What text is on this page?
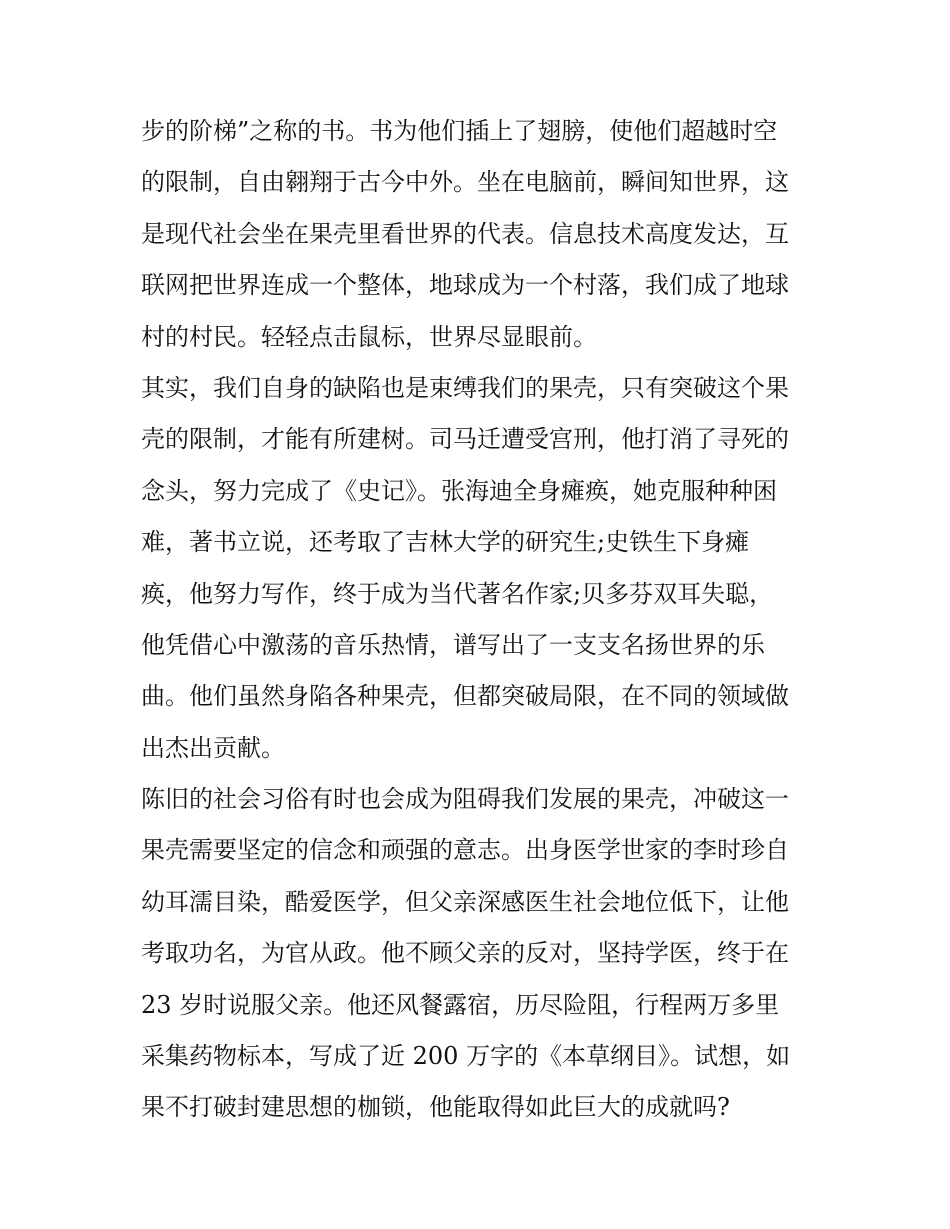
步的阶梯”之称的书。书为他们插上了翅膀，使他们超越时空
的限制，自由翱翔于古今中外。坐在电脑前，瞬间知世界，这
是现代社会坐在果壳里看世界的代表。信息技术高度发达，互
联网把世界连成一个整体，地球成为一个村落，我们成了地球
村的村民。轻轻点击鼠标，世界尽显眼前。
其实，我们自身的缺陷也是束缚我们的果壳，只有突破这个果
壳的限制，才能有所建树。司马迁遭受宫刑，他打消了寻死的
念头，努力完成了《史记》。张海迪全身瘫痪，她克服种种困
难，著书立说，还考取了吉林大学的研究生;史铁生下身瘫
痪，他努力写作，终于成为当代著名作家;贝多芬双耳失聪，
他凭借心中激荡的音乐热情，谱写出了一支支名扬世界的乐
曲。他们虽然身陷各种果壳，但都突破局限，在不同的领域做
出杰出贡献。
陈旧的社会习俗有时也会成为阻碍我们发展的果壳，冲破这一
果壳需要坚定的信念和顽强的意志。出身医学世家的李时珍自
幼耳濡目染，酷爱医学，但父亲深感医生社会地位低下，让他
考取功名，为官从政。他不顾父亲的反对，坚持学医，终于在
23 岁时说服父亲。他还风餐露宿，历尽险阻，行程两万多里
采集药物标本，写成了近 200 万字的《本草纲目》。试想，如
果不打破封建思想的枷锁，他能取得如此巨大的成就吗?
